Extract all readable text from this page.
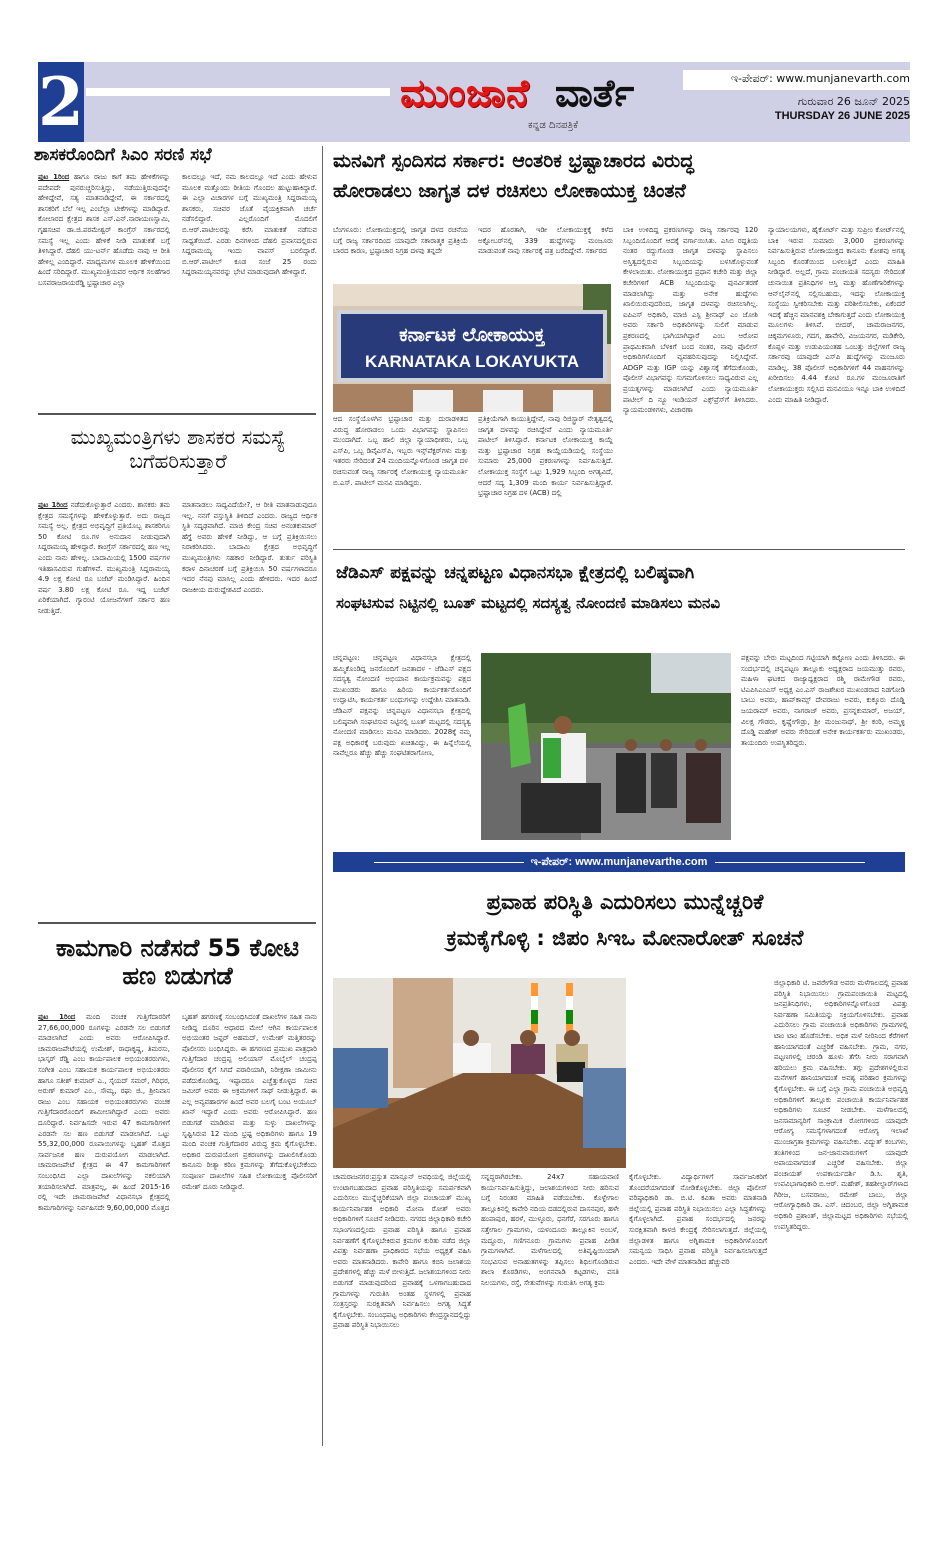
2	ಮುಂಜಾನೆ ವಾರ್ತೆ
ಕನ್ನಡ ದಿನಪತ್ರಿಕೆ
ಇ-ಪೇಪರ್: www.munjanevarth.com
ಗುರುವಾರ 26 ಜೂನ್ 2025
THURSDAY 26 JUNE 2025
ಶಾಸಕರೊಂದಿಗೆ ಸಿಎಂ ಸರಣಿ ಸಭೆ
ಪುಟ 1ರಿಂದ ಹಾಗೂ ರಾಜು ಕಾಗೆ ತಮ ಹೇಳಿಕೆಗಳನ್ನು ಪದೇಪದೇ ಪುನರುಚ್ಚರಿಸುತ್ತಿದ್ದು, ನಡೆಯುತ್ತಿರುವುದನ್ನೇ ಹೇಳಿದ್ದೇವೆ, ಸತ್ಯ ಮಾತನಾಡಿದ್ದೇವೆ, ಈ ಸರ್ಕಾರದಲ್ಲಿ ಶಾಸಕರಿಗೆ ಬೆಲೆ ಇಲ್ಲ ಎಂಬೆಲ್ಲಾ ಟೀಕೆಗಳನ್ನು ಮಾಡಿದ್ದಾರೆ. ಕೋಲಾರದ ಕ್ಷೇತ್ರದ ಶಾಸಕ ಎಸ್.ಎನ್.ನಾರಾಯಣಸ್ವಾಮಿ, ಗೃಹಸಚಿವ ಡಾ.ಜಿ.ಪರಮೇಶ್ವರ್ ಕಾಂಗ್ರೆಸ್ ಸರ್ಕಾರದಲ್ಲಿ ಸಮಸ್ಯೆ ಇಲ್ಲ ಎಂದು ಹೇಳಿಕೆ ನೀಡಿ ಮಾತುಕತೆ ಬಗ್ಗೆ ತಿಳಿಸಿದ್ದಾರೆ. ದೆಹಲಿ ಯು-ಟರ್ನ್ ಹೊಡೆದು ನಾವು ಆ ರೀತಿ ಹೇಳಿಲ್ಲ ಎಂದಿದ್ದಾರೆ. ಮಾಧ್ಯಮಗಳ ಮೂಲಕ ಹೇಳಿಕೆಯಿಂದ ಹಿಂದೆ ಸರಿದಿದ್ದಾರೆ. ಮುಖ್ಯಮಂತ್ರಿಯವರ ಆರ್ಥಿಕ ಸಲಹೆಗಾರ ಬಸವರಾಜರಾಯರೆಡ್ಡಿ ಭ್ರಷ್ಟಾಚಾರ ಎಲ್ಲಾ
ಕಾಲದಲ್ಲೂ ಇದೆ, ನಮ ಕಾಲದಲ್ಲೂ ಇದೆ ಎಂದು ಹೇಳುವ ಮೂಲಕ ಮತ್ತೊಂದು ರೀತಿಯ ಗೊಂದಲ ಹುಟ್ಟುಹಾಕಿದ್ದಾರೆ. ಈ ಎಲ್ಲಾ ವಿಚಾರಗಳ ಬಗ್ಗೆ ಮುಖ್ಯಮಂತ್ರಿ ಸಿದ್ದರಾಮಯ್ಯ ಶಾಸಕರು, ಸಚಿವರ ಜೊತೆ ವೈಯಕ್ತಿಕವಾಗಿ ಚರ್ಚೆ ನಡೆಸಲಿದ್ದಾರೆ. ಎಲ್ಲರೊಂದಿಗೆ ಮೊದಲಿಗೆ ಬಿ.ಆರ್.ಪಾಟೀಲರನ್ನು ಕರೆಸಿ ಮಾತುಕತೆ ನಡೆಸುವ ಸಾಧ್ಯತೆಯಿದೆ. ಎರಡು ದಿನಗಳಿಂದ ದೆಹಲಿ ಪ್ರವಾಸದಲ್ಲಿರುವ ಸಿದ್ದರಾಮಯ್ಯ ಇಂದು ವಾಪಸ್ ಬರಲಿದ್ದಾರೆ. ಬಿ.ಆರ್.ಪಾಟೀಲ್ ಕೂಡ ಸಂಜೆ 25 ರಂದು ಸಿದ್ದರಾಮಯ್ಯನವರನ್ನು ಭೇಟಿ ಮಾಡುವುದಾಗಿ ಹೇಳಿದ್ದಾರೆ.
ಮುಖ್ಯಮಂತ್ರಿಗಳು ಶಾಸಕರ ಸಮಸ್ಯೆ ಬಗೆಹರಿಸುತ್ತಾರೆ
ಪುಟ 1ರಿಂದ ನಡೆದುಕೊಳ್ಳುತ್ತಾರೆ ಎಂದರು. ಶಾಸಕರು ತಮ ಕ್ಷೇತ್ರದ ಸಮಸ್ಯೆಗಳನ್ನು ಹೇಳಿಕೊಳ್ಳುತ್ತಾರೆ. ಅದು ರಾಜ್ಯದ ಸಮಸ್ಯೆ ಅಲ್ಲ. ಕ್ಷೇತ್ರದ ಅಭಿವೃದ್ಧಿಗೆ ಪ್ರತಿಯೊಬ್ಬ ಶಾಸಕರಿಗೂ 50 ಕೋಟಿ ರೂ.ಗಳ ಅನುದಾನ ನೀಡುವುದಾಗಿ ಸಿದ್ದರಾಮಯ್ಯ ಹೇಳಿದ್ದಾರೆ. ಕಾಂಗ್ರೆಸ್ ಸರ್ಕಾರದಲ್ಲಿ ಹಣ ಇಲ್ಲ ಎಂದು ನಾನು ಹೇಳಿಲ್ಲ. ಬಾದಾಮಿಯಲ್ಲಿ 1500 ವರ್ಷಗಳ ಇತಿಹಾಸವಿರುವ ಗುಹೆಗಳಿವೆ. ಮುಖ್ಯಮಂತ್ರಿ ಸಿದ್ದರಾಮಯ್ಯ 4.9 ಲಕ್ಷ ಕೋಟಿ ರೂ ಬಜೆಟ್ ಮಂಡಿಸಿದ್ದಾರೆ. ಹಿಂದಿನ ವರ್ಷ 3.80 ಲಕ್ಷ ಕೋಟಿ ರೂ. ಇದ್ದ ಬಜೆಟ್ ಏರಿಕೆಯಾಗಿದೆ. ಗ್ಯಾರಂಟಿ ಯೋಜನೆಗಳಿಗೆ ಸರ್ಕಾರ ಹಣ ನೀಡುತ್ತಿದೆ.
ಮಾತನಾಡಲು ಸಾಧ್ಯವಿದೆಯೇ?, ಆ ರೀತಿ ಮಾತನಾಡುವುದೂ ಇಲ್ಲ. ನನಗೆ ವಸ್ತುಸ್ಥಿತಿ ತಿಳಿದಿದೆ ಎಂದರು. ರಾಜ್ಯದ ಆರ್ಥಿಕ ಸ್ಥಿತಿ ಸದೃಢವಾಗಿದೆ. ಮಾಜಿ ಕೇಂದ್ರ ಸಚಿವ ಅನಂತಕುಮಾರ್ ಹೆಗ್ಡೆ ಅವರು ಹೇಳಿಕೆ ನೀಡಿದ್ದು, ಆ ಬಗ್ಗೆ ಪ್ರತಿಕ್ರಿಯಿಸಲು ನಿರಾಕರಿಸಿದರು. ಬಾದಾಮಿ ಕ್ಷೇತ್ರದ ಅಭಿವೃದ್ಧಿಗೆ ಮುಖ್ಯಮಂತ್ರಿಗಳು ಸಹಕಾರ ನೀಡಿದ್ದಾರೆ. ತುರ್ತು ಪರಿಸ್ಥಿತಿ ಕರಾಳ ದಿನಾಚರಣೆ ಬಗ್ಗೆ ಪ್ರತಿಕ್ರಿಯಿಸಿ 50 ವರ್ಷಗಳಾದರೂ ಇದರ ನೆನಪು ಮಾಸಿಲ್ಲ ಎಂದು ಹೇಳಿದರು. ಇದರ ಹಿಂದೆ ರಾಜಕೀಯ ದುರುದ್ದೇಶವಿದೆ ಎಂದರು.
ಕಾಮಗಾರಿ ನಡೆಸದೆ 55 ಕೋಟಿ ಹಣ ಬಿಡುಗಡೆ
ಪುಟ 1ರಿಂದ ಮಂದಿ ವಂಚಕ ಗುತ್ತಿಗೆದಾರರಿಗೆ 27,66,00,000 ರೂಗಳನ್ನು ಎರಡನೇ ಸಲ ಬಿಡುಗಡೆ ಮಾಡಲಾಗಿದೆ ಎಂದು ಅವರು ಆರೋಪಿಸಿದ್ದಾರೆ. ಚಾಮರಾಜಪೇಟೆಯಲ್ಲಿ ಉಮೇಶ್, ರಾಧಾಕೃಷ್ಣ, ತಿಮರಸು, ಭಾಸ್ಕರ್ ರೆಡ್ಡಿ ಎಂಬ ಕಾರ್ಯಪಾಲಕ ಅಭಿಯಂತರರುಗಳು, ಸಂಗೀತ ಎಂಬ ಸಹಾಯಕ ಕಾರ್ಯಪಾಲಕ ಅಭಿಯಂತರರು ಹಾಗೂ ಸತೀಶ್ ಕುಮಾರ್ ಎ., ಸೈಯದ್ ಸಮರ್, ಗಿರಿಧರ, ಅರುಣ್ ಕುಮಾರ್ ಎಂ., ಸೌಮ್ಯ, ರಘು ಜಿ., ಶ್ರೀನಿವಾಸ ರಾಜು ಎಂಬ ಸಹಾಯಕ ಅಭಿಯಂತರರುಗಳು ವಂಚಕ ಗುತ್ತಿಗೆದಾರರೊಂದಿಗೆ ಶಾಮೀಲಾಗಿದ್ದಾರೆ ಎಂದು ಅವರು ದೂರಿದ್ದಾರೆ. ನಿರ್ವಹಿಸದೇ ಇರುವ 47 ಕಾಮಗಾರಿಗಳಿಗೆ ಎರಡನೇ ಸಲ ಹಣ ಬಿಡುಗಡೆ ಮಾಡಲಾಗಿದೆ. ಒಟ್ಟು 55,32,00,000 ರೂಪಾಯಿಗಳನ್ನು ಬೃಹತ್ ಮೊತ್ತದ ಸಾರ್ವಜನಿಕ ಹಣ ದುರುಪಯೋಗ ಮಾಡಲಾಗಿದೆ. ಚಾಮರಾಜಪೇಟೆ ಕ್ಷೇತ್ರದ ಈ 47 ಕಾಮಗಾರಿಗಳಿಗೆ ಸಂಬಂಧಿಸಿದ ಎಲ್ಲಾ ದಾಖಲೆಗಳನ್ನು ನಕಲಿಯಾಗಿ ತಯಾರಿಸಲಾಗಿದೆ. ಮಾತ್ರವಲ್ಲ, ಈ ಹಿಂದೆ 2015-16 ರಲ್ಲಿ ಇದೇ ಚಾಮರಾಜಪೇಟೆ ವಿಧಾನಸಭಾ ಕ್ಷೇತ್ರದಲ್ಲಿ ಕಾಮಗಾರಿಗಳನ್ನು ನಿರ್ವಹಿಸದೇ 9,60,00,000 ಮೊತ್ತದ
ಬೃಹತ್ ಹಗರಣಕ್ಕೆ ಸಂಬಂಧಿಸಿದಂತೆ ದಾಖಲೆಗಳ ಸಹಿತ ನಾನು ನೀಡಿದ್ದ ದೂರಿನ ಆಧಾರದ ಮೇಲೆ ಆಗಿನ ಕಾರ್ಯಪಾಲಕ ಅಭಿಯಂತರ ಜಫ್ಫರ್ ಅಹಮದ್, ಉಮೇಶ್ ಮತ್ತಿತರರನ್ನು ಪೊಲೀಸರು ಬಂಧಿಸಿದ್ದರು. ಈ ಹಗರಣದ ಪ್ರಮುಖ ಪಾತ್ರಧಾರಿ ಗುತ್ತಿಗೆದಾರ ಚಂದ್ರಪ್ಪ ಅಲಿಯಾಸ್ ಮೊಬೈಲ್ ಚಂದ್ರಪ್ಪ ಪೊಲೀಸರ ಕೈಗೆ ಸಿಗದೆ ಪರಾರಿಯಾಗಿ, ನಿರೀಕ್ಷಣಾ ಜಾಮೀನು ಪಡೆದುಕೊಂಡಿದ್ದ. ಇಷ್ಟಾದರೂ ಎಚ್ಚೆತ್ತುಕೊಳ್ಳದ ಸಚಿವ ಜಮೀರ್ ಅವರು ಈ ಅಕ್ರಮಗಳಿಗೆ ಸಾಥ್ ನೀಡುತ್ತಿದ್ದಾರೆ. ಈ ಎಲ್ಲ ಅವ್ಯವಹಾರಗಳ ಹಿಂದೆ ಅವರ ಬಲಗೈ ಬಂಟ ಅಯೂಬ್ ಖಾನ್ ಇದ್ದಾರೆ ಎಂದು ಅವರು ಆರೋಪಿಸಿದ್ದಾರೆ. ಹಣ ಬಿಡುಗಡೆ ಮಾಡಿರುವ ಮತ್ತು ಸುಳ್ಳು ದಾಖಲೆಗಳನ್ನು ಸೃಷ್ಟಿಸಿರುವ 12 ಮಂದಿ ಭ್ರಷ್ಟ ಅಧಿಕಾರಿಗಳು ಹಾಗೂ 19 ಮಂದಿ ವಂಚಕ ಗುತ್ತಿಗೆದಾರರ ವಿರುದ್ಧ ಕ್ರಮ ಕೈಗೊಳ್ಳಬೇಕು. ಅಧಿಕಾರ ದುರುಪಯೋಗ ಪ್ರಕರಣಗಳನ್ನು ದಾಖಲಿಸಿಕೊಂಡು ಕಾನೂನು ರೀತ್ಯಾ ಕಠಿಣ ಕ್ರಮಗಳನ್ನು ತೆಗೆದುಕೊಳ್ಳಬೇಕೆಂದು ಸಂಪೂರ್ಣ ದಾಖಲೆಗಳ ಸಹಿತ ಲೋಕಾಯುಕ್ತ ಪೊಲೀಸರಿಗೆ ರಮೇಶ್ ದೂರು ನೀಡಿದ್ದಾರೆ.
ಮನವಿಗೆ ಸ್ಪಂದಿಸದ ಸರ್ಕಾರ: ಆಂತರಿಕ ಭ್ರಷ್ಟಾಚಾರದ ವಿರುದ್ಧ
ಹೋರಾಡಲು ಜಾಗೃತ ದಳ ರಚಿಸಲು ಲೋಕಾಯುಕ್ತ ಚಿಂತನೆ
ಬೆಂಗಳೂರು: ಲೋಕಾಯುಕ್ತದಲ್ಲಿ ಜಾಗೃತ ದಳದ ರಚನೆಯ ಬಗ್ಗೆ ರಾಜ್ಯ ಸರ್ಕಾರದಿಂದ ಯಾವುದೇ ಸಕಾರಾತ್ಮಕ ಪ್ರತಿಕ್ರಿಯೆ ಬಾರದ ಕಾರಣ, ಭ್ರಷ್ಟಾಚಾರ ನಿಗ್ರಹ ದಳವು ತನ್ನದೇ
ಇದರ ಹೊರತಾಗಿ, ಇಡೀ ಲೋಕಾಯುಕ್ತಕ್ಕೆ ಕಳೆದ ಅಕ್ಟೋಬರ್‌ನಲ್ಲಿ 339 ಹುದ್ದೆಗಳನ್ನು ಮಂಜೂರು ಮಾಡುವಂತೆ ನಾವು ಸರ್ಕಾರಕ್ಕೆ ಪತ್ರ ಬರೆದಿದ್ದೇವೆ. ಸರ್ಕಾರದ
ಕರ್ನಾಟಕ ಲೋಕಾಯುಕ್ತ
KARNATAKA LOKAYUKTA
ಆದ ಸಂಸ್ಥೆಯೊಳಗಿನ ಭ್ರಷ್ಟಾಚಾರ ಮತ್ತು ದುರಾಡಳಿತದ ವಿರುದ್ಧ ಹೋರಾಡಲು ಒಂದು ವಿಭಾಗವನ್ನು ಸ್ಥಾಪಿಸಲು ಮುಂದಾಗಿದೆ. ಒಬ್ಬ ಹಾಲಿ ಜಿಲ್ಲಾ ನ್ಯಾಯಾಧೀಶರು, ಒಬ್ಬ ಎಸ್‌ಪಿ, ಒಬ್ಬ ಡಿವೈಎಸ್‌ಪಿ, ಇಬ್ಬರು ಇನ್ಸ್‌ಪೆಕ್ಟರ್‌ಗಳು ಮತ್ತು ಇತರರು ಸೇರಿದಂತೆ 24 ಮಂದಿಯನ್ನೊಳಗೊಂಡ ಜಾಗೃತ ದಳ ರಚಿಸುವಂತೆ ರಾಜ್ಯ ಸರ್ಕಾರಕ್ಕೆ ಲೋಕಾಯುಕ್ತ ನ್ಯಾಯಮೂರ್ತಿ ಬಿ.ಎಸ್. ಪಾಟೀಲ್ ಮನವಿ ಮಾಡಿದ್ದರು.
ಪ್ರತಿಕ್ರಿಯೆಗಾಗಿ ಕಾಯುತ್ತಿದ್ದೇವೆ, ನಾವು ರಿಜಿಸ್ಟ್ರಾರ್ ನೇತೃತ್ವದಲ್ಲಿ ಜಾಗೃತ ದಳವನ್ನು ರಚಿಸಿದ್ದೇವೆ ಎಂದು ನ್ಯಾಯಮೂರ್ತಿ ಪಾಟೀಲ್ ತಿಳಿಸಿದ್ದಾರೆ. ಕರ್ನಾಟಕ ಲೋಕಾಯುಕ್ತ ಕಾಯ್ದೆ ಮತ್ತು ಭ್ರಷ್ಟಾಚಾರ ನಿಗ್ರಹ ಕಾಯ್ದೆಯಡಿಯಲ್ಲಿ ಸಂಸ್ಥೆಯು ಸುಮಾರು 25,000 ಪ್ರಕರಣಗಳನ್ನು ನಿರ್ವಹಿಸುತ್ತಿದೆ. ಲೋಕಾಯುಕ್ತ ಸಂಸ್ಥೆಗೆ ಒಟ್ಟು 1,929 ಸಿಬ್ಬಂದಿ ಅಗತ್ಯವಿದೆ, ಆದರೆ ಸದ್ಯ 1,309 ಮಂದಿ ಕಾರ್ಯ ನಿರ್ವಹಿಸುತ್ತಿದ್ದಾರೆ. ಭ್ರಷ್ಟಾಚಾರ ನಿಗ್ರಹ ದಳ (ACB) ದಲ್ಲಿ
ಬಾಕಿ ಉಳಿದಿದ್ದ ಪ್ರಕರಣಗಳನ್ನು ರಾಜ್ಯ ಸರ್ಕಾರವು 120 ಸಿಬ್ಬಂದಿಯೊಂದಿಗೆ ಆದಕ್ಕೆ ವರ್ಗಾಯಿಸಿತು. ಎಸಿಬಿ ರದ್ದತಿಯ ನಂತರ ರದ್ದುಗೊಂಡ ಜಾಗೃತ ದಳವನ್ನು ಸ್ಥಾಪಿಸಲು ಅಸ್ತಿತ್ವದಲ್ಲಿರುವ ಸಿಬ್ಬಂದಿಯನ್ನು ಬಳಸಿಕೊಳ್ಳುವಂತೆ ಕೇಳಲಾಯಿತು. ಲೋಕಾಯುಕ್ತದ ಪ್ರಧಾನ ಕಚೇರಿ ಮತ್ತು ಜಿಲ್ಲಾ ಕಚೇರಿಗಳಿಗೆ ACB ಸಿಬ್ಬಂದಿಯನ್ನು ಪುನರ್ವಿತರಣೆ ಮಾಡಲಾಗಿದ್ದು ಮತ್ತು ಅನೇಕ ಹುದ್ದೆಗಳು ಖಾಲಿಯಿರುವುದರಿಂದ, ಜಾಗೃತ ದಳವನ್ನು ರಚಿಸಲಾಗಿಲ್ಲ. ಐಪಿಎಸ್ ಅಧಿಕಾರಿ, ಮಾಜಿ ಎಸ್ಪಿ ಶ್ರೀನಾಥ್ ಎಂ ಜೋಶಿ ಅವರು ಸರ್ಕಾರಿ ಅಧಿಕಾರಿಗಳನ್ನು ಸುಲಿಗೆ ಮಾಡುವ ಪ್ರಕರಣದಲ್ಲಿ ಭಾಗಿಯಾಗಿದ್ದಾರೆ ಎಂಬ ಆರೋಪ ಪ್ರಾಥಮಿಕವಾಗಿ ಬೆಳಕಿಗೆ ಬಂದ ನಂತರ, ನಾವು ಪೊಲೀಸ್ ಅಧಿಕಾರಿಗಳೊಂದಿಗೆ ವ್ಯವಹರಿಸುವುದನ್ನು ನಿಲ್ಲಿಸಿದ್ದೇವೆ. ADGP ಮತ್ತು IGP ಯನ್ನು ವಿಶ್ವಾಸಕ್ಕೆ ತೆಗೆದುಕೊಂಡು, ಪೊಲೀಸ್ ವಿಭಾಗವನ್ನು ಸುಗಮಗೊಳಿಸಲು ಸಾಧ್ಯವಿರುವ ಎಲ್ಲ ಪ್ರಯತ್ನಗಳನ್ನು ಮಾಡಲಾಗಿದೆ ಎಂದು ನ್ಯಾಯಮೂರ್ತಿ ಪಾಟೀಲ್ ದಿ ನ್ಯೂ ಇಂಡಿಯನ್ ಎಕ್ಸ್‌ಪ್ರೆಸ್‌ಗೆ ತಿಳಿಸಿದರು. ನ್ಯಾಯಮಂಡಳಿಗಳು, ವಿಚಾರಣಾ
ನ್ಯಾಯಾಲಯಗಳು, ಹೈಕೋರ್ಟ್ ಮತ್ತು ಸುಪ್ರೀಂ ಕೋರ್ಟ್‌ನಲ್ಲಿ ಬಾಕಿ ಇರುವ ಸುಮಾರು 3,000 ಪ್ರಕರಣಗಳನ್ನು ನಿರ್ವಹಿಸುತ್ತಿರುವ ಲೋಕಾಯುಕ್ತದ ಕಾನೂನು ಕೋಶವು ಅಗತ್ಯ ಸಿಬ್ಬಂದಿ ಕೊರತೆಯಿಂದ ಬಳಲುತ್ತಿದೆ ಎಂದು ಮಾಹಿತಿ ನೀಡಿದ್ದಾರೆ. ಅಲ್ಲದೆ, ಗ್ರಾಮ ಪಂಚಾಯತಿ ಸದಸ್ಯರು ಸೇರಿದಂತೆ ಚುನಾಯಿತ ಪ್ರತಿನಿಧಿಗಳ ಆಸ್ತಿ ಮತ್ತು ಹೊಣೆಗಾರಿಕೆಗಳನ್ನು ಆನ್‌ಲೈನ್‌ನಲ್ಲಿ ಸಲ್ಲಿಸಬಹುದು, ಇದನ್ನು ಲೋಕಾಯುಕ್ತ ಸಂಸ್ಥೆಯು ಸ್ವೀಕರಿಸಬೇಕು ಮತ್ತು ಪರಿಶೀಲಿಸಬೇಕು, ಏಕೆಂದರೆ ಇದಕ್ಕೆ ಹೆಚ್ಚಿನ ಮಾನವಶಕ್ತಿ ಬೇಕಾಗುತ್ತದೆ ಎಂದು ಲೋಕಾಯುಕ್ತ ಮೂಲಗಳು ತಿಳಿಸಿವೆ. ಬೀದರ್, ಚಾಮರಾಜನಗರ, ಚಿಕ್ಕಮಗಳೂರು, ಗದಗ, ಹಾವೇರಿ, ವಿಜಯನಗರ, ಮಡಿಕೇರಿ, ಕೊಪ್ಪಳ ಮತ್ತು ಉಡುಪಿಯಂತಹ ಒಂಬತ್ತು ಜಿಲ್ಲೆಗಳಿಗೆ ರಾಜ್ಯ ಸರ್ಕಾರವು ಯಾವುದೇ ಎಸ್‌ಪಿ ಹುದ್ದೆಗಳನ್ನು ಮಂಜೂರು ಮಾಡಿಲ್ಲ. 38 ಪೊಲೀಸ್ ಅಧಿಕಾರಿಗಳಿಗೆ 44 ವಾಹನಗಳನ್ನು ಖರೀದಿಸಲು 4.44 ಕೋಟಿ ರೂ.ಗಳ ಮಂಜೂರಾತಿಗೆ ಲೋಕಾಯುಕ್ತರು ಸಲ್ಲಿಸಿದ ಮನವಿಯೂ ಇನ್ನೂ ಬಾಕಿ ಉಳಿದಿದೆ ಎಂದು ಮಾಹಿತಿ ನೀಡಿದ್ದಾರೆ.
ಜೆಡಿಎಸ್ ಪಕ್ಷವನ್ನು ಚನ್ನಪಟ್ಟಣ ವಿಧಾನಸಭಾ ಕ್ಷೇತ್ರದಲ್ಲಿ ಬಲಿಷ್ಠವಾಗಿ
ಸಂಘಟಿಸುವ ನಿಟ್ಟಿನಲ್ಲಿ ಬೂತ್ ಮಟ್ಟದಲ್ಲಿ ಸದಸ್ಯತ್ವ ನೋಂದಣಿ ಮಾಡಿಸಲು ಮನವಿ
ಚನ್ನಪಟ್ಟಣ: ಚನ್ನಪಟ್ಟಣ ವಿಧಾನಸಭಾ ಕ್ಷೇತ್ರದಲ್ಲಿ ಹಮ್ಮಿಕೊಂಡಿದ್ದ ಜನರೊಂದಿಗೆ ಜನತಾದಳ - ಜೆಡಿಎಸ್ ಪಕ್ಷದ ಸದಸ್ಯತ್ವ ನೋಂದಣಿ ಅಭಿಯಾನ ಕಾರ್ಯಕ್ರಮವನ್ನು ಪಕ್ಷದ ಮುಖಂಡರು ಹಾಗೂ ಹಿರಿಯ ಕಾರ್ಯಕರ್ತರೊಂದಿಗೆ ಉದ್ಘಾಟಿಸಿ, ಕಾರ್ಯಕರ್ತ ಬಂಧುಗಳನ್ನು ಉದ್ದೇಶಿಸಿ ಮಾತನಾಡಿ. ಜೆಡಿಎಸ್ ಪಕ್ಷವನ್ನು ಚನ್ನಪಟ್ಟಣ ವಿಧಾನಸಭಾ ಕ್ಷೇತ್ರದಲ್ಲಿ ಬಲಿಷ್ಠವಾಗಿ ಸಂಘಟಿಸುವ ನಿಟ್ಟಿನಲ್ಲಿ ಬೂತ್ ಮಟ್ಟದಲ್ಲಿ ಸದಸ್ಯತ್ವ ನೋಂದಣಿ ಮಾಡಿಸಲು ಮನವಿ ಮಾಡಿದರು. 2028ಕ್ಕೆ ನಮ್ಮ ಪಕ್ಷ ಅಧಿಕಾರಕ್ಕೆ ಬರುವುದು ಖಚಿತವಿದ್ದು, ಈ ಹಿನ್ನೆಲೆಯಲ್ಲಿ ನಾವೆಲ್ಲರೂ ಹೆಚ್ಚು ಹೆಚ್ಚು ಸಂಘಟಿತರಾಗೋಣ,
ಪಕ್ಷವನ್ನು ಬೇರು ಮಟ್ಟದಿಂದ ಗಟ್ಟಿಯಾಗಿ ಕಟ್ಟೋಣ ಎಂದು ತಿಳಿಸಿದರು. ಈ ಸಂದರ್ಭದಲ್ಲಿ ಚನ್ನಪಟ್ಟಣ ತಾಲ್ಲೂಕು ಅಧ್ಯಕ್ಷರಾದ ಜಯಮುತ್ತು ರವರು, ಮಹಿಳಾ ಘಟಕದ ರಾಜ್ಯಾಧ್ಯಕ್ಷರಾದ ರಶ್ಮಿ ರಾಮೇಗೌಡ ರವರು, ಟಿಎಪಿಸಿಎಂಎಸ್ ಅಧ್ಯಕ್ಷ ಎಂ.ಎಸ್ ರಾಜಶೇಖರ ಮುಖಂಡರಾದ ನಿಡಗೋಡಿ ಬಾಬು ಅವರು, ಹಾಪ್‌ಕಾಮ್ಸ್ ದೇವರಾಜು ಅವರು, ಕುಕ್ಕೂರು ದೊಡ್ಡಿ ಜಯರಾಮ್ ಅವರು, ನಾಗರಾಜ್ ಅವರು, ಪ್ರಸನ್ನಕುಮಾರ್, ಅಜಯ್, ವಿಲಕ್ಷ ಗೌಡರು, ಕೃಷ್ಣೇಗೌಡ್ರು, ಶ್ರೀ ಮಂಜುನಾಥ್, ಶ್ರೀ ಕಂಠಿ, ಅಮ್ಮಳ್ಳಿ ದೊಡ್ಡಿ ಮಹೇಶ್ ಅವರು ಸೇರಿದಂತೆ ಅನೇಕ ಕಾರ್ಯಕರ್ತರು ಮುಖಂಡರು, ತಾಯಂದಿರು ಉಪಸ್ಥಿತರಿದ್ದರು.
ಇ-ಪೇಪರ್: www.munjanevarthe.com
ಪ್ರವಾಹ ಪರಿಸ್ಥಿತಿ ಎದುರಿಸಲು ಮುನ್ನೆಚ್ಚರಿಕೆ
ಕ್ರಮಕೈಗೊಳ್ಳಿ : ಜಿಪಂ ಸಿಇಒ ಮೋನಾರೋತ್ ಸೂಚನೆ
ಜಿಲ್ಲಾಧಿಕಾರಿ ಟಿ. ಜವರೇಗೌಡ ಅವರು ಮಳೆಗಾಲದಲ್ಲಿ ಪ್ರವಾಹ ಪರಿಸ್ಥಿತಿ ನಿಭಾಯಿಸಲು ಗ್ರಾಮಪಂಚಾಯಿತಿ ಮಟ್ಟದಲ್ಲಿ ಜನಪ್ರತಿನಿಧಿಗಳು, ಅಧಿಕಾರಿಗಳನ್ನೊಳಗೊಂಡ ವಿಪತ್ತು ನಿರ್ವಹಣಾ ಸಮಿತಿಯನ್ನು ಸಕ್ರಿಯಗೊಳಿಸಬೇಕು. ಪ್ರವಾಹ ಎದುರಿಸಲು ಗ್ರಾಮ ಪಂಚಾಯಿತಿ ಅಧಿಕಾರಿಗಳು ಗ್ರಾಮಗಳಲ್ಲಿ ಟಾಂ ಟಾಂ ಹೊಡೆಸಬೇಕು. ಅಧಿಕ ಮಳೆ ನೀರಿನಿಂದ ಕೆರೆಗಳಿಗೆ ಹಾನಿಯಾಗದಂತೆ ಎಚ್ಚರಿಕೆ ವಹಿಸಬೇಕು. ಗ್ರಾಮ, ನಗರ, ಪಟ್ಟಣಗಳಲ್ಲಿ ಚರಂಡಿ ಹೂಳು ತೆಗೆಸಿ ನೀರು ಸರಾಗವಾಗಿ ಹರಿಯಲು ಕ್ರಮ ವಹಿಸಬೇಕು. ತಗ್ಗು ಪ್ರದೇಶಗಳಲ್ಲಿರುವ ಮನೆಗಳಿಗೆ ಹಾನಿಯಾಗದಂತೆ ಅವಶ್ಯ ಪರಿಹಾರ ಕ್ರಮಗಳನ್ನು ಕೈಗೊಳ್ಳಬೇಕು. ಈ ಬಗ್ಗೆ ಎಲ್ಲಾ ಗ್ರಾಮ ಪಂಚಾಯಿತಿ ಅಭಿವೃದ್ಧಿ ಅಧಿಕಾರಿಗಳಿಗೆ ತಾಲ್ಲೂಕು ಪಂಚಾಯಿತಿ ಕಾರ್ಯನಿರ್ವಾಹಕ ಅಧಿಕಾರಿಗಳು ಸೂಚನೆ ನೀಡಬೇಕು. ಮಳೆಗಾಲದಲ್ಲಿ ಜನಸಾಮಾನ್ಯರಿಗೆ ಸಾಂಕ್ರಾಮಿಕ ರೋಗಗಳಿಂದ ಯಾವುದೇ ಆರೋಗ್ಯ ಸಮಸ್ಯೆಗಳಾಗದಂತೆ ಆರೋಗ್ಯ ಇಲಾಖೆ ಮುಂಜಾಗ್ರತಾ ಕ್ರಮಗಳನ್ನು ವಹಿಸಬೇಕು. ವಿದ್ಯುತ್ ಕಂಬಗಳು, ತಂತಿಗಳಿಂದ ಜನ-ಜಾನುವಾರುಗಳಿಗೆ ಯಾವುದೇ ಅಪಾಯವಾಗದಂತೆ ಎಚ್ಚರಿಕೆ ವಹಿಸಬೇಕು. ಜಿಲ್ಲಾ ಪಂಚಾಯತ್ ಉಪಕಾರ್ಯದರ್ಶಿ ಡಿ.ಸಿ. ಶೃತಿ, ಉಪವಿಭಾಗಾಧಿಕಾರಿ ಬಿ.ಆರ್. ಮಹೇಶ್, ತಹಶೀಲ್ದಾರ್‌ಗಳಾದ ಗಿರೀಜ, ಬಸವರಾಜು, ರಮೇಶ್ ಬಾಬು, ಜಿಲ್ಲಾ ಆರೋಗ್ಯಾಧಿಕಾರಿ ಡಾ. ಎಸ್. ಚಿದಂಬರ, ಜಿಲ್ಲಾ ಅಗ್ನಿಶಾಮಕ ಅಧಿಕಾರಿ ಪ್ರಶಾಂತ್, ಜಿಲ್ಲಾಮಟ್ಟದ ಅಧಿಕಾರಿಗಳು ಸಭೆಯಲ್ಲಿ ಉಪಸ್ಥಿತರಿದ್ದರು.
ಚಾಮರಾಜನಗರ:ಪ್ರಸ್ತುತ ಮಾನ್ಸೂನ್ ಅವಧಿಯಲ್ಲಿ ಜಿಲ್ಲೆಯಲ್ಲಿ ಉಂಟಾಗಬಹುದಾದ ಪ್ರವಾಹ ಪರಿಸ್ಥಿತಿಯನ್ನು ಸಮರ್ಪಕವಾಗಿ ಎದುರಿಸಲು ಮುನ್ನೆಚ್ಚರಿಕೆಯಾಗಿ ಜಿಲ್ಲಾ ಪಂಚಾಯತ್ ಮುಖ್ಯ ಕಾರ್ಯನಿರ್ವಾಹಕ ಅಧಿಕಾರಿ ಮೋನಾ ರೋತ್ ಅವರು ಅಧಿಕಾರಿಗಳಿಗೆ ಸೂಚನೆ ನೀಡಿದರು. ನಗರದ ಜಿಲ್ಲಾಧಿಕಾರಿ ಕಚೇರಿ ಸಭಾಂಗಣದಲ್ಲಿಂದು ಪ್ರವಾಹ ಪರಿಸ್ಥಿತಿ ಹಾಗೂ ಪ್ರವಾಹ ನಿರ್ವಹಣೆಗೆ ಕೈಗೊಳ್ಳಬೇಕಿರುವ ಕ್ರಮಗಳ ಕುರಿತು ನಡೆದ ಜಿಲ್ಲಾ ವಿಪತ್ತು ನಿರ್ವಹಣಾ ಪ್ರಾಧಿಕಾರದ ಸಭೆಯ ಅಧ್ಯಕ್ಷತೆ ವಹಿಸಿ ಅವರು ಮಾತನಾಡಿದರು. ಕಾವೇರಿ ಹಾಗೂ ಕಬಿನಿ ಜಲಾಶಯ ಪ್ರದೇಶಗಳಲ್ಲಿ ಹೆಚ್ಚು ಮಳೆ ಬೀಳುತ್ತಿದೆ. ಜಲಾಶಯಗಳಿಂದ ನೀರು ಬಿಡುಗಡೆ ಮಾಡುವುದರಿಂದ ಪ್ರವಾಹಕ್ಕೆ ಒಳಗಾಗಬಹುದಾದ ಗ್ರಾಮಗಳನ್ನು ಗುರುತಿಸಿ ಅಂತಹ ಸ್ಥಳಗಳಲ್ಲಿ ಪ್ರವಾಹ ಸಂತ್ರಸ್ತರನ್ನು ಸುರಕ್ಷಿತವಾಗಿ ನಿರ್ವಹಿಸಲು ಅಗತ್ಯ ಸಿದ್ಧತೆ ಕೈಗೊಳ್ಳಬೇಕು. ಸಂಬಂಧಪಟ್ಟ ಅಧಿಕಾರಿಗಳು ಕೇಂದ್ರಸ್ಥಾನದಲ್ಲಿದ್ದು ಪ್ರವಾಹ ಪರಿಸ್ಥಿತಿ ನಿಭಾಯಿಸಲು
ಸನ್ನದ್ಧರಾಗಿರಬೇಕು. 24x7 ಸಹಾಯವಾಣಿ ಕಾರ್ಯನಿರ್ವಹಿಸುತ್ತಿದ್ದು, ಜಲಾಶಯಗಳಿಂದ ನೀರು ಹರಿಸುವ ಬಗ್ಗೆ ನಿರಂತರ ಮಾಹಿತಿ ಪಡೆಯಬೇಕು. ಕೊಳ್ಳೇಗಾಲ ತಾಲ್ಲೂಕಿನಲ್ಲಿ ಕಾವೇರಿ ನದಿಯ ದಡದಲ್ಲಿರುವ ದಾಸನಪುರ, ಹಳೇ ಹಂಪಾಪುರ, ಹರಳೆ, ಮುಳ್ಳೂರು, ಧನಗೆರೆ, ಸರಗೂರು ಹಾಗೂ ಸತ್ತೇಗಾಲ ಗ್ರಾಮಗಳು, ಯಳಂದೂರು ತಾಲ್ಲೂಕಿನ ಅಂಬಳೆ, ಮದ್ದೂರು, ಗಣಿಗನೂರು ಗ್ರಾಮಗಳು ಪ್ರವಾಹ ಪೀಡಿತ ಗ್ರಾಮಗಳಾಗಿವೆ. ಮಳೆಗಾಲದಲ್ಲಿ ಅತಿವೃಷ್ಟಿಯಿಂದಾಗಿ ಸಂಭವಿಸುವ ಅನಾಹುತಗಳನ್ನು ತಪ್ಪಿಸಲು ಶಿಥಿಲಗೊಂಡಿರುವ ಶಾಲಾ ಕೊಠಡಿಗಳು, ಅಂಗನವಾಡಿ ಕಟ್ಟಡಗಳು, ವಸತಿ ನಿಲಯಗಳು, ರಸ್ತೆ, ಸೇತುವೆಗಳನ್ನು ಗುರುತಿಸಿ ಅಗತ್ಯ ಕ್ರಮ
ಕೈಗೊಳ್ಳಬೇಕು. ವಿದ್ಯಾರ್ಥಿಗಳಿಗೆ ಸಾರ್ವಜನಿಕರಿಗೆ ತೊಂದರೆಯಾಗದಂತೆ ನೋಡಿಕೊಳ್ಳಬೇಕು. ಜಿಲ್ಲಾ ಪೊಲೀಸ್ ವರಿಷ್ಠಾಧಿಕಾರಿ ಡಾ. ಬಿ.ಟಿ. ಕವಿತಾ ಅವರು ಮಾತನಾಡಿ ಜಿಲ್ಲೆಯಲ್ಲಿ ಪ್ರವಾಹ ಪರಿಸ್ಥಿತಿ ನಿಭಾಯಿಸಲು ಎಲ್ಲಾ ಸಿದ್ಧತೆಗಳನ್ನು ಕೈಗೊಳ್ಳಲಾಗಿದೆ. ಪ್ರವಾಹ ಸಂದರ್ಭದಲ್ಲಿ ಜನರನ್ನು ಸುರಕ್ಷಿತವಾಗಿ ಕಾಳಜಿ ಕೇಂದ್ರಕ್ಕೆ ಸೇರಿಸಲಾಗುತ್ತದೆ. ಜಿಲ್ಲೆಯಲ್ಲಿ ಜಿಲ್ಲಾಡಳಿತ ಹಾಗೂ ಅಗ್ನಿಶಾಮಕ ಅಧಿಕಾರಿಗಳೊಂದಿಗೆ ಸಮನ್ವಯ ಸಾಧಿಸಿ ಪ್ರವಾಹ ಪರಿಸ್ಥಿತಿ ನಿರ್ವಹಿಸಲಾಗುತ್ತದೆ ಎಂದರು. ಇದೇ ವೇಳೆ ಮಾತನಾಡಿದ ಹೆಚ್ಚುವರಿ
